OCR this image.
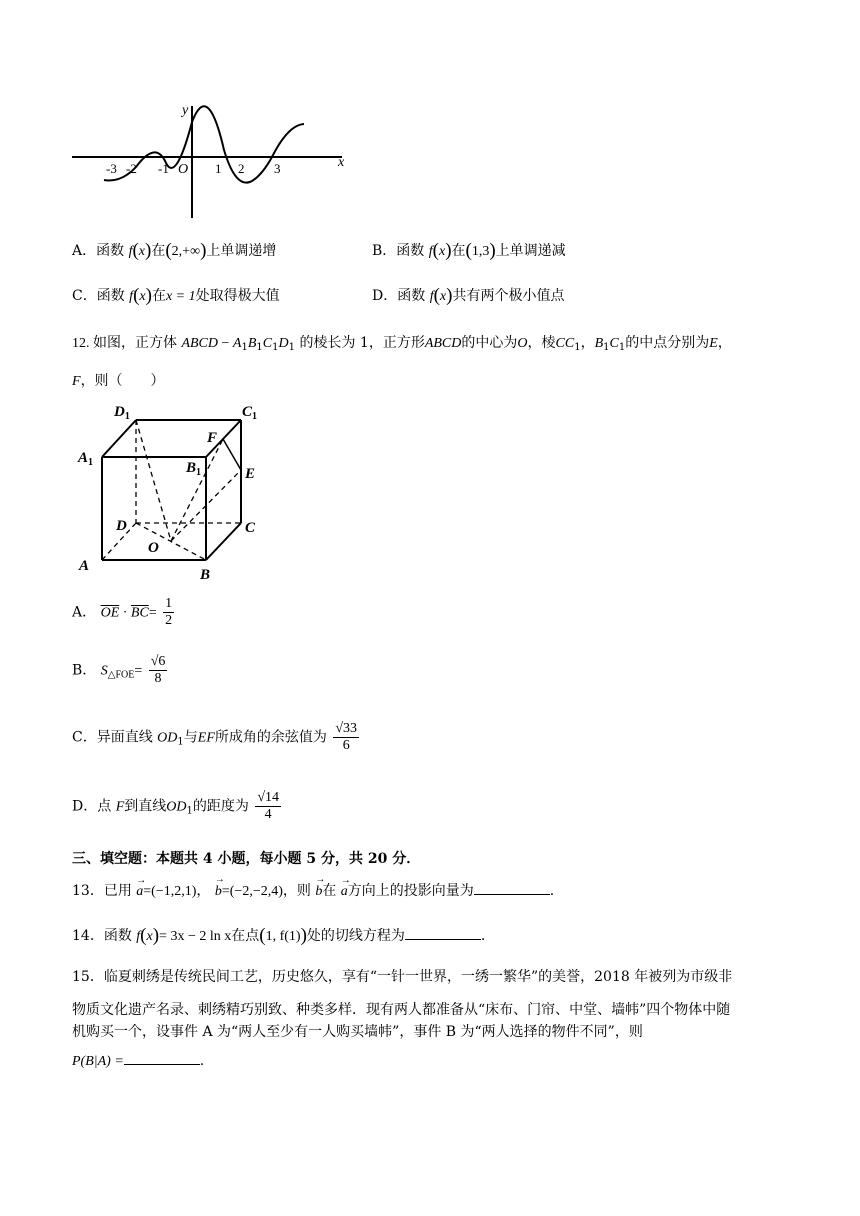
y
x
O
-3 -2 -1	1 2 3
A．函数 f(x)在(2,+∞)上单调递增	B．函数 f(x)在(1,3)上单调递减
C．函数 f(x)在x = 1处取得极大值	D．函数 f(x)共有两个极小值点
12. 如图，正方体 ABCD − $A_1B_1C_1D_1$ 的棱长为 1，正方形ABCD的中心为O，棱$CC_1$，$B_1C_1$的中点分别为E，
F，则（　　）
$D_1$	$C_1$
$A_1$	$B_1$
F
E
D	C
O
A
B
A． $\overline{OE} \cdot \overline{BC}= \frac{1}{2}$
B． $S_{\triangle FOE}= \frac{√6}{8}$
C．异面直线 $OD_1$与EF所成角的余弦值为 $\frac{√33}{6}$
D．点 F到直线$OD_1$的距度为 $\frac{√14}{4}$
三、填空题：本题共 4 小题，每小题 5 分，共 20 分．
13．已用 a
→
=(−1,2,1)， b
→
=(−2,−2,4)，则 b
→
在 a
→
方向上的投影向量为	.
14．函数 f(x)= 3x − 2 ln x在点(1, f(1))处的切线方程为	.
15．临夏刺绣是传统民间工艺，历史悠久，享有“一针一世界，一绣一繁华”的美誉，2018 年被列为市级非
物质文化遗产名录、刺绣精巧别致、种类多样．现有两人都准备从“床布、门帘、中堂、墙帏”四个物体中随
机购买一个，设事件 A 为“两人至少有一人购买墙帏”，事件 B 为“两人选择的物件不同”，则
P(B|A) =	.
